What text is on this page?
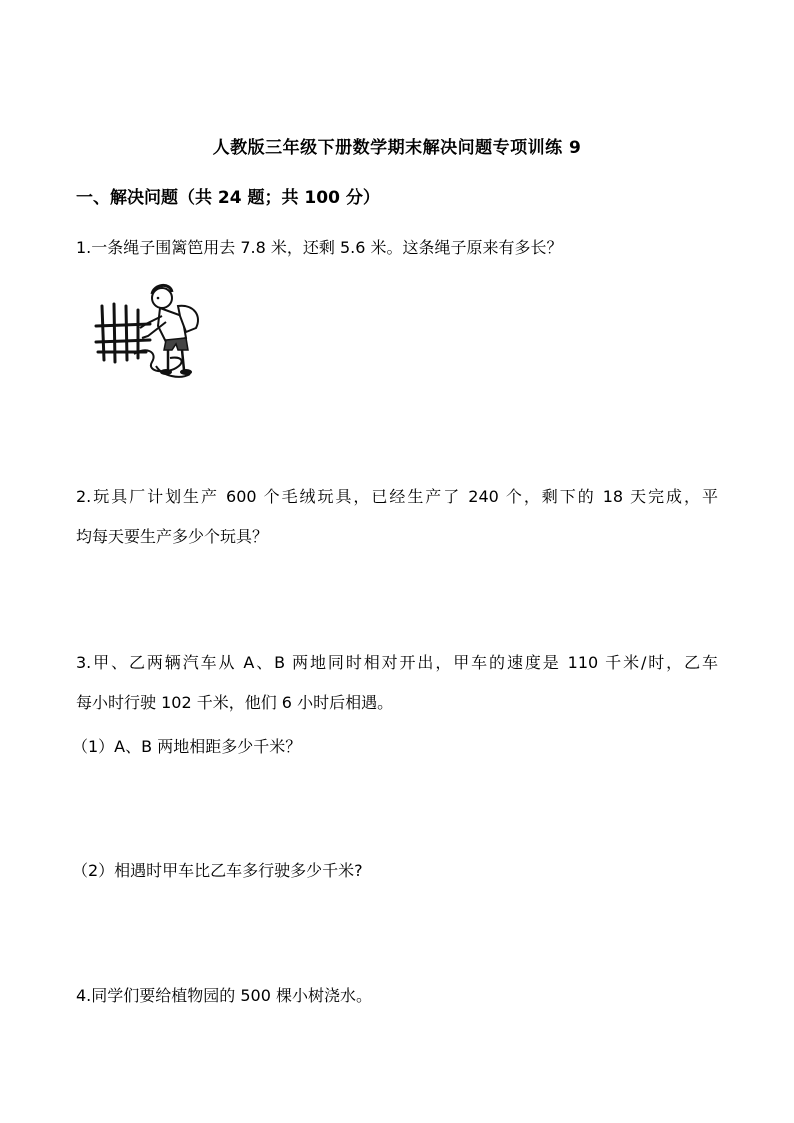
人教版三年级下册数学期末解决问题专项训练 9
一、解决问题（共 24 题；共 100 分）
1.一条绳子围篱笆用去 7.8 米，还剩 5.6 米。这条绳子原来有多长？
2.玩具厂计划生产 600 个毛绒玩具，已经生产了 240 个，剩下的 18 天完成，平
均每天要生产多少个玩具？
3.甲、乙两辆汽车从 A、B 两地同时相对开出，甲车的速度是 110 千米/时，乙车
每小时行驶 102 千米，他们 6 小时后相遇。
（1）A、B 两地相距多少千米？
（2）相遇时甲车比乙车多行驶多少千米?
4.同学们要给植物园的 500 棵小树浇水。
